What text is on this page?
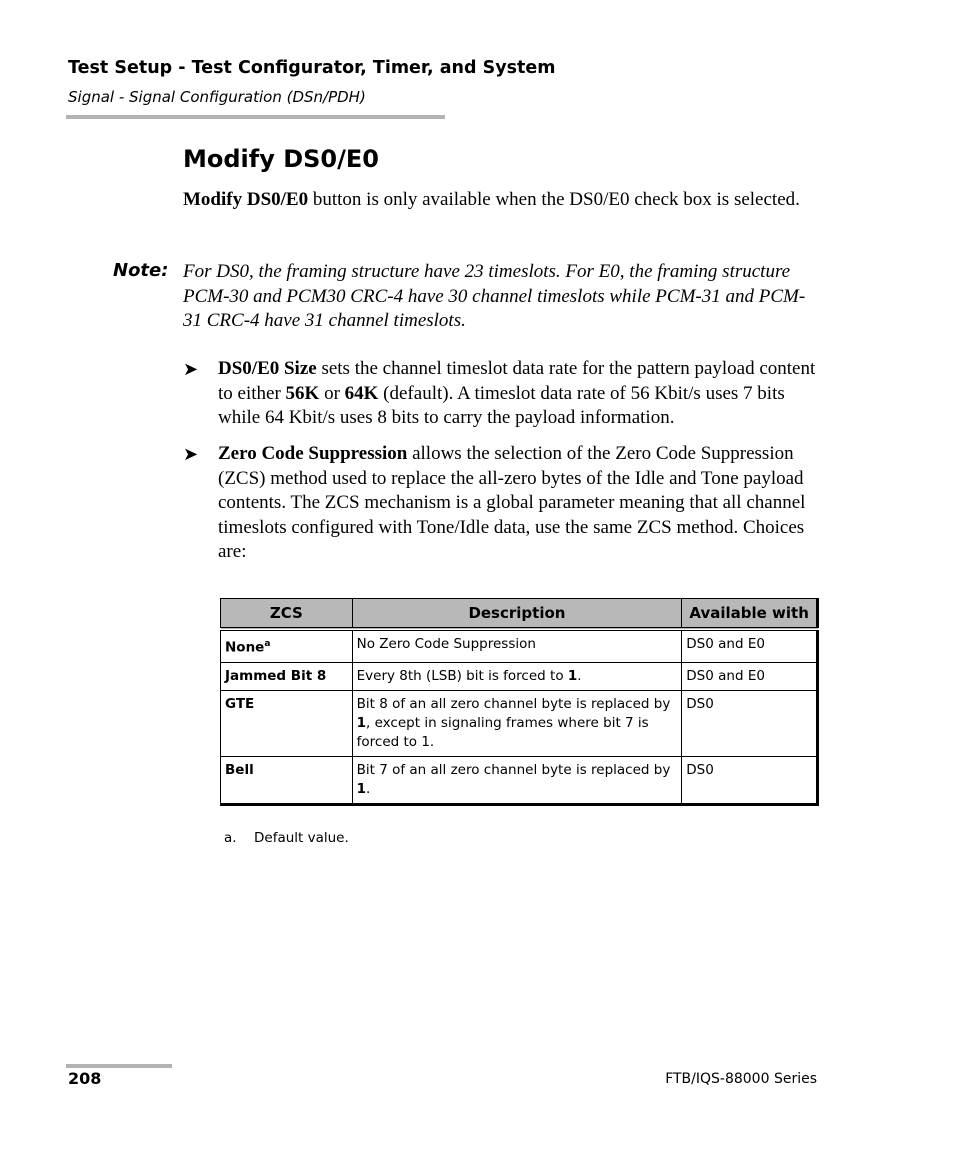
Test Setup - Test Configurator, Timer, and System
Signal - Signal Configuration (DSn/PDH)
Modify DS0/E0
Modify DS0/E0 button is only available when the DS0/E0 check box is selected.
Note: For DS0, the framing structure have 23 timeslots. For E0, the framing structure PCM-30 and PCM30 CRC-4 have 30 channel timeslots while PCM-31 and PCM-31 CRC-4 have 31 channel timeslots.
➤ DS0/E0 Size sets the channel timeslot data rate for the pattern payload content to either 56K or 64K (default). A timeslot data rate of 56 Kbit/s uses 7 bits while 64 Kbit/s uses 8 bits to carry the payload information.
➤ Zero Code Suppression allows the selection of the Zero Code Suppression (ZCS) method used to replace the all-zero bytes of the Idle and Tone payload contents. The ZCS mechanism is a global parameter meaning that all channel timeslots configured with Tone/Idle data, use the same ZCS method. Choices are:
ZCS	Description	Available with
None$^a$	No Zero Code Suppression	DS0 and E0
Jammed Bit 8	Every 8th (LSB) bit is forced to 1.	DS0 and E0
GTE	Bit 8 of an all zero channel byte is replaced by 1, except in signaling frames where bit 7 is forced to 1.	DS0
Bell	Bit 7 of an all zero channel byte is replaced by 1.	DS0
a. Default value.
208	FTB/IQS-88000 Series
